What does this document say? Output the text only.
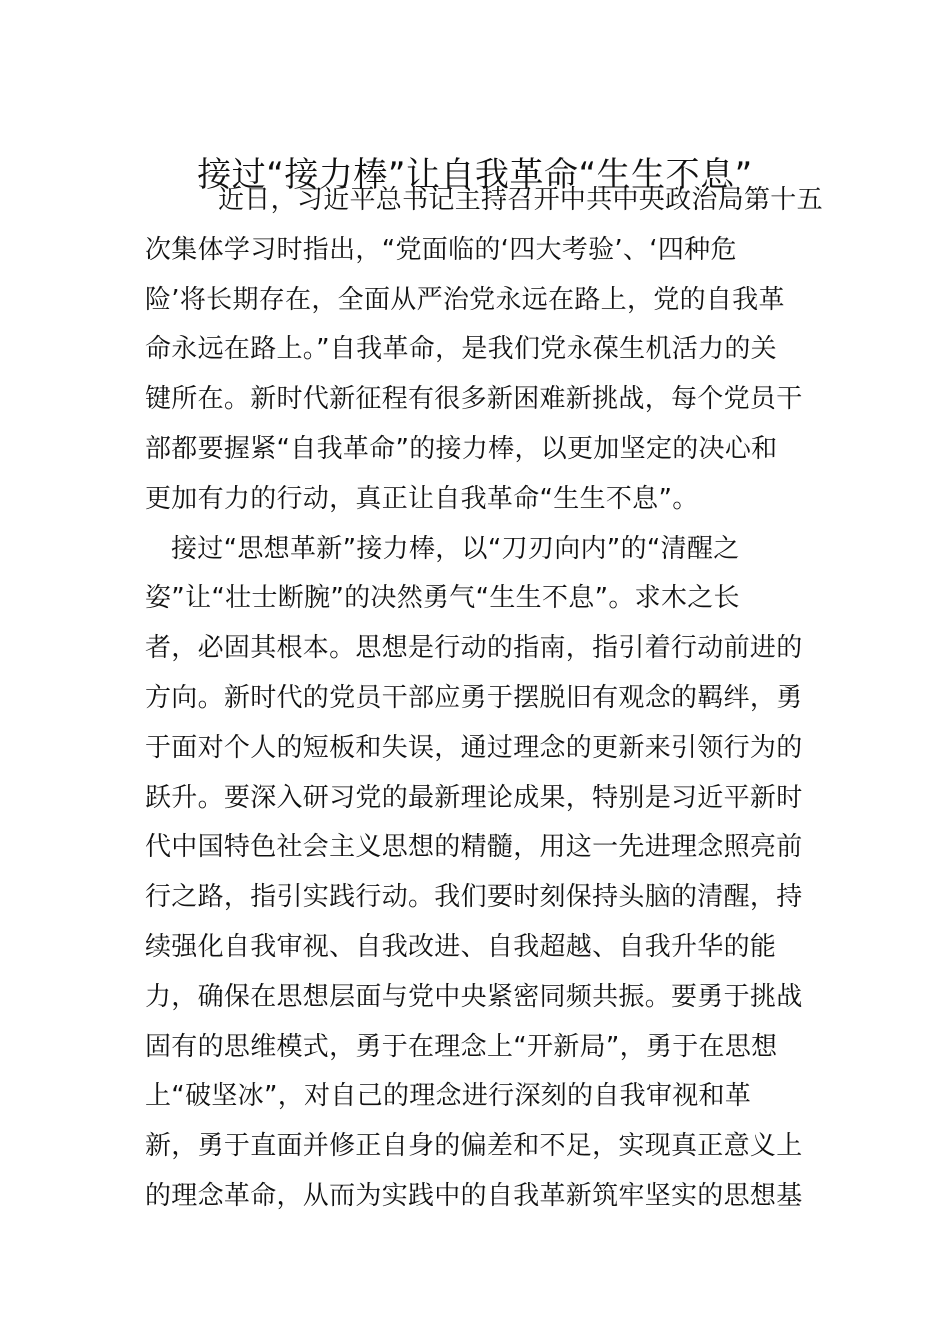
接过“接力棒”让自我革命“生生不息”
近日，习近平总书记主持召开中共中央政治局第十五
次集体学习时指出，“党面临的‘四大考验’、‘四种危
险’将长期存在，全面从严治党永远在路上，党的自我革
命永远在路上。”自我革命，是我们党永葆生机活力的关
键所在。新时代新征程有很多新困难新挑战，每个党员干
部都要握紧“自我革命”的接力棒，以更加坚定的决心和
更加有力的行动，真正让自我革命“生生不息”。
接过“思想革新”接力棒，以“刀刃向内”的“清醒之
姿”让“壮士断腕”的决然勇气“生生不息”。求木之长
者，必固其根本。思想是行动的指南，指引着行动前进的
方向。新时代的党员干部应勇于摆脱旧有观念的羁绊，勇
于面对个人的短板和失误，通过理念的更新来引领行为的
跃升。要深入研习党的最新理论成果，特别是习近平新时
代中国特色社会主义思想的精髓，用这一先进理念照亮前
行之路，指引实践行动。我们要时刻保持头脑的清醒，持
续强化自我审视、自我改进、自我超越、自我升华的能
力，确保在思想层面与党中央紧密同频共振。要勇于挑战
固有的思维模式，勇于在理念上“开新局”，勇于在思想
上“破坚冰”，对自己的理念进行深刻的自我审视和革
新，勇于直面并修正自身的偏差和不足，实现真正意义上
的理念革命，从而为实践中的自我革新筑牢坚实的思想基
